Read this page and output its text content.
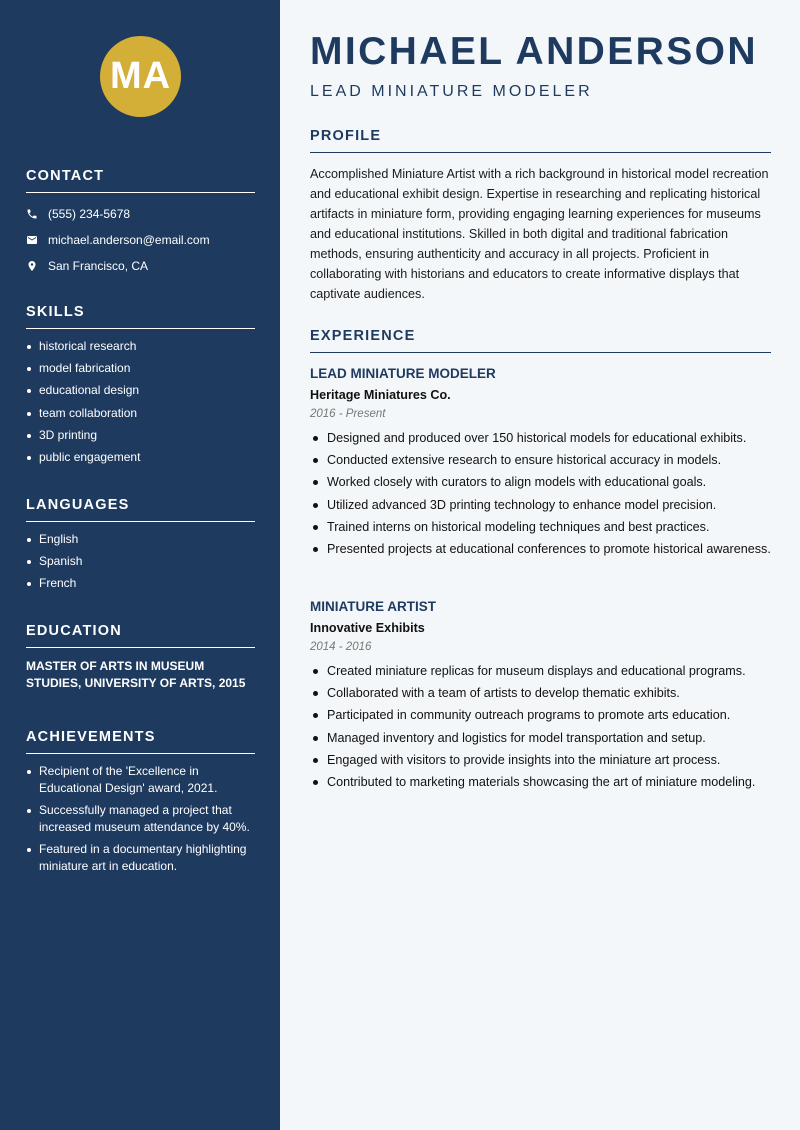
MA
CONTACT
(555) 234-5678
michael.anderson@email.com
San Francisco, CA
SKILLS
historical research
model fabrication
educational design
team collaboration
3D printing
public engagement
LANGUAGES
English
Spanish
French
EDUCATION

MASTER OF ARTS IN MUSEUM STUDIES, UNIVERSITY OF ARTS, 2015

ACHIEVEMENTS
Recipient of the 'Excellence in Educational Design' award, 2021.
Successfully managed a project that increased museum attendance by 40%.
Featured in a documentary highlighting miniature art in education.
MICHAEL ANDERSON
LEAD MINIATURE MODELER
PROFILE

Accomplished Miniature Artist with a rich background in historical model recreation and educational exhibit design. Expertise in researching and replicating historical artifacts in miniature form, providing engaging learning experiences for museums and educational institutions. Skilled in both digital and traditional fabrication methods, ensuring authenticity and accuracy in all projects. Proficient in collaborating with historians and educators to create informative displays that captivate audiences.

EXPERIENCE
LEAD MINIATURE MODELER
Heritage Miniatures Co.
2016 - Present
Designed and produced over 150 historical models for educational exhibits.
Conducted extensive research to ensure historical accuracy in models.
Worked closely with curators to align models with educational goals.
Utilized advanced 3D printing technology to enhance model precision.
Trained interns on historical modeling techniques and best practices.
Presented projects at educational conferences to promote historical awareness.
MINIATURE ARTIST
Innovative Exhibits
2014 - 2016
Created miniature replicas for museum displays and educational programs.
Collaborated with a team of artists to develop thematic exhibits.
Participated in community outreach programs to promote arts education.
Managed inventory and logistics for model transportation and setup.
Engaged with visitors to provide insights into the miniature art process.
Contributed to marketing materials showcasing the art of miniature modeling.
